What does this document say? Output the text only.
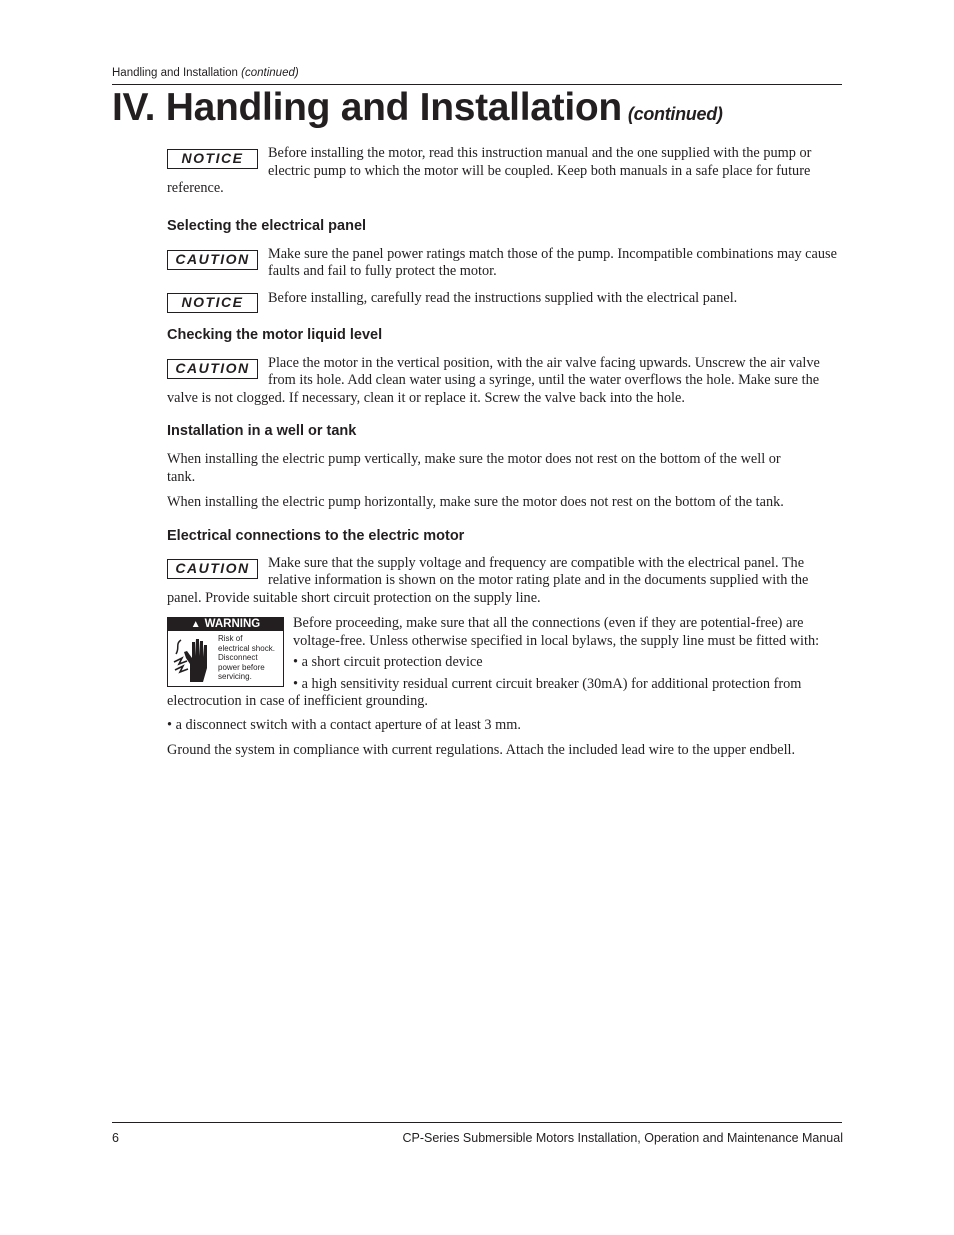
Handling and Installation (continued)
IV. Handling and Installation (continued)
NOTICE	Before installing the motor, read this instruction manual and the one supplied with the pump or electric pump to which the motor will be coupled. Keep both manuals in a safe place for future reference.

Selecting the electrical panel
CAUTION	Make sure the panel power ratings match those of the pump. Incompatible combinations may cause faults and fail to fully protect the motor.

NOTICE	Before installing, carefully read the instructions supplied with the electrical panel.

Checking the motor liquid level
CAUTION	Place the motor in the vertical position, with the air valve facing upwards. Unscrew the air valve from its hole. Add clean water using a syringe, until the water overflows the hole. Make sure the valve is not clogged. If necessary, clean it or replace it. Screw the valve back into the hole.

Installation in a well or tank

When installing the electric pump vertically, make sure the motor does not rest on the bottom of the well or tank.

When installing the electric pump horizontally, make sure the motor does not rest on the bottom of the tank.

Electrical connections to the electric motor
CAUTION	Make sure that the supply voltage and frequency are compatible with the electrical panel. The relative information is shown on the motor rating plate and in the documents supplied with the panel. Provide suitable short circuit protection on the supply line.

▲ WARNING
Risk of
electrical shock.
Disconnect
power before
servicing.

Before proceeding, make sure that all the connections (even if they are potential-free) are voltage-free. Unless otherwise specified in local bylaws, the supply line must be fitted with:

• a short circuit protection device

• a high sensitivity residual current circuit breaker (30mA) for additional protection from electrocution in case of inefficient grounding.

• a disconnect switch with a contact aperture of at least 3 mm.

Ground the system in compliance with current regulations. Attach the included lead wire to the upper endbell.

6	CP-Series Submersible Motors Installation, Operation and Maintenance Manual
